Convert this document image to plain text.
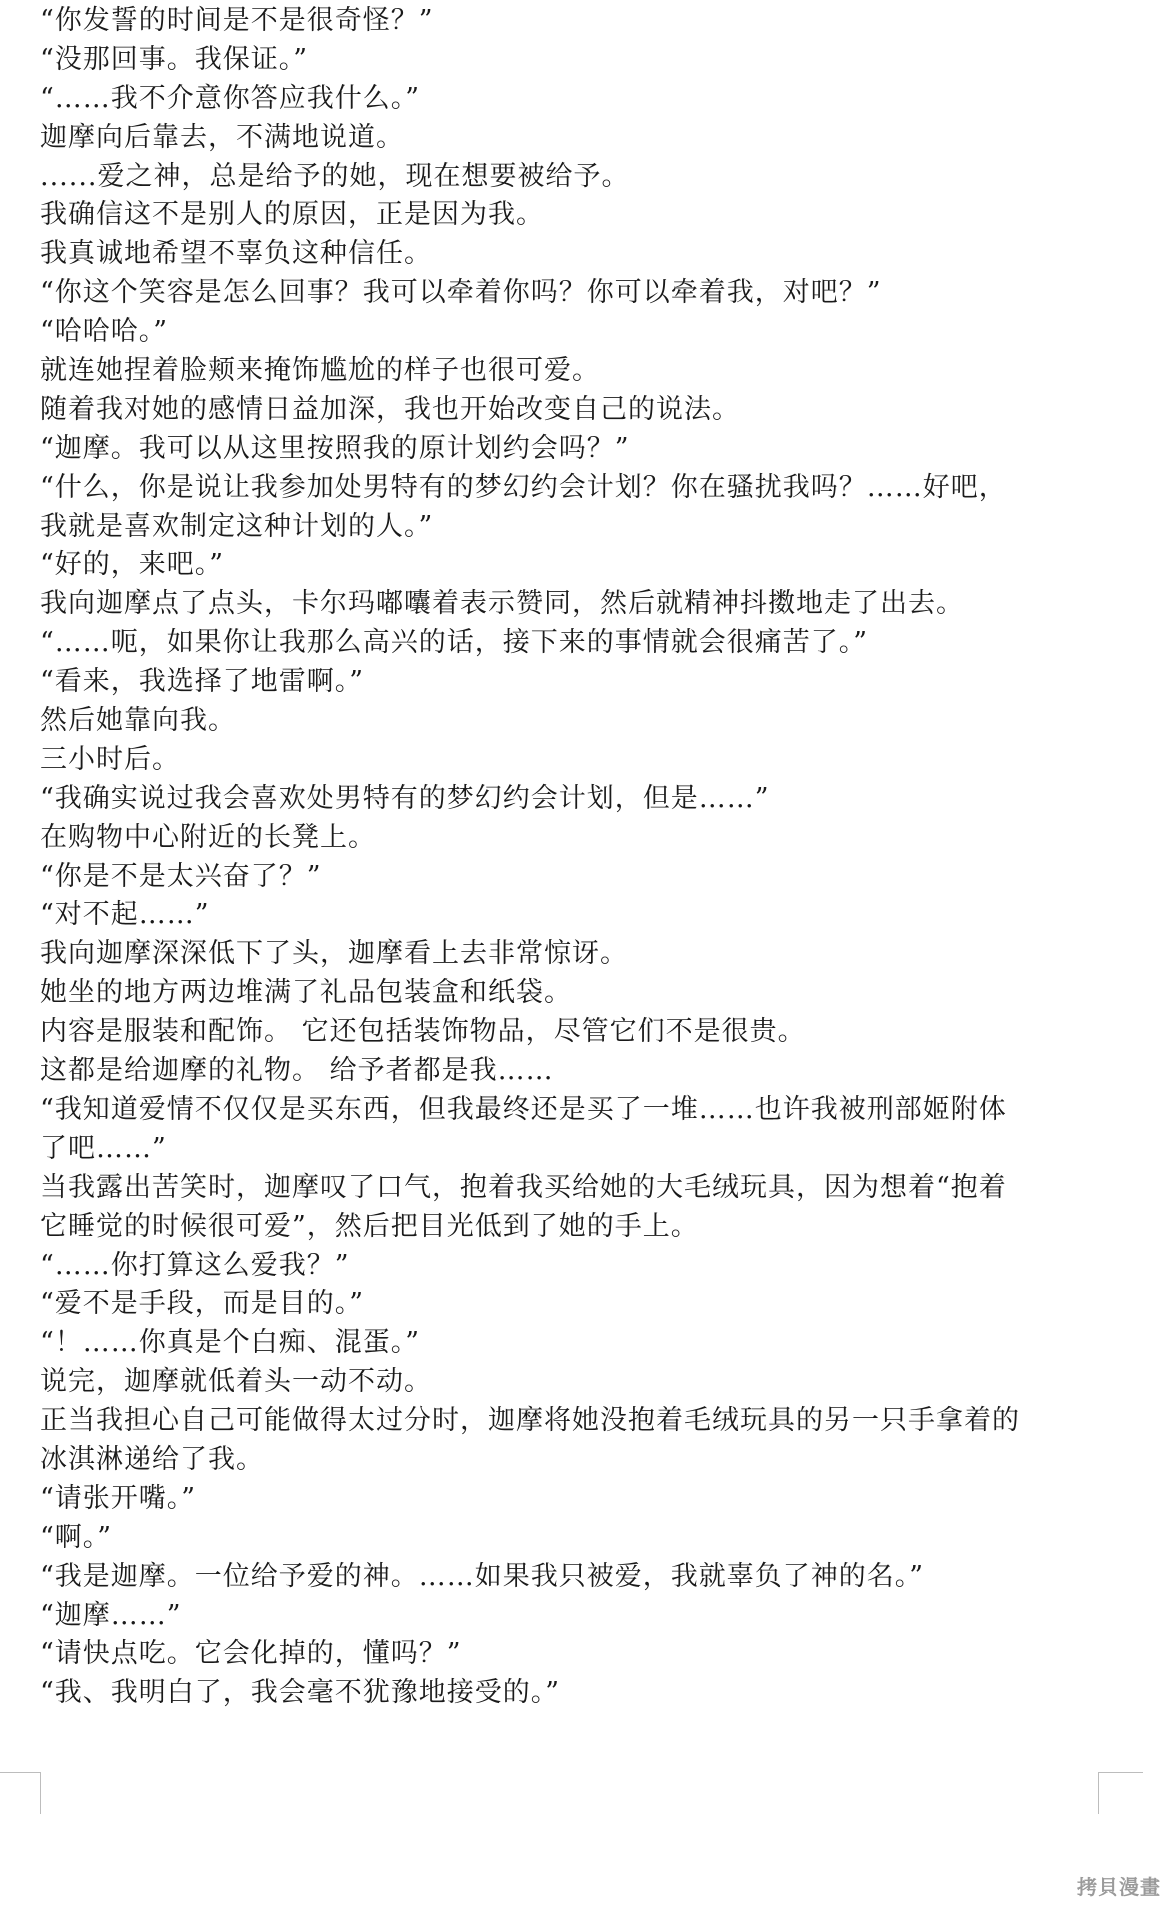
“你发誓的时间是不是很奇怪？”
“没那回事。我保证。”
“……我不介意你答应我什么。”
迦摩向后靠去，不满地说道。
......爱之神，总是给予的她，现在想要被给予。
我确信这不是别人的原因，正是因为我。
我真诚地希望不辜负这种信任。
“你这个笑容是怎么回事？我可以牵着你吗？你可以牵着我，对吧？”
“哈哈哈。”
就连她捏着脸颊来掩饰尴尬的样子也很可爱。
随着我对她的感情日益加深，我也开始改变自己的说法。
“迦摩。我可以从这里按照我的原计划约会吗？”
“什么，你是说让我参加处男特有的梦幻约会计划？你在骚扰我吗？……好吧，
我就是喜欢制定这种计划的人。”
“好的，来吧。”
我向迦摩点了点头，卡尔玛嘟囔着表示赞同，然后就精神抖擞地走了出去。
“……呃，如果你让我那么高兴的话，接下来的事情就会很痛苦了。”
“看来，我选择了地雷啊。”
然后她靠向我。
三小时后。
“我确实说过我会喜欢处男特有的梦幻约会计划，但是……”
在购物中心附近的长凳上。
“你是不是太兴奋了？”
“对不起……”
我向迦摩深深低下了头，迦摩看上去非常惊讶。
她坐的地方两边堆满了礼品包装盒和纸袋。
内容是服装和配饰。 它还包括装饰物品，尽管它们不是很贵。
这都是给迦摩的礼物。 给予者都是我……
“我知道爱情不仅仅是买东西，但我最终还是买了一堆……也许我被刑部姬附体
了吧……”
当我露出苦笑时，迦摩叹了口气，抱着我买给她的大毛绒玩具，因为想着“抱着
它睡觉的时候很可爱”，然后把目光低到了她的手上。
“……你打算这么爱我？”
“爱不是手段，而是目的。”
“！……你真是个白痴、混蛋。”
说完，迦摩就低着头一动不动。
正当我担心自己可能做得太过分时，迦摩将她没抱着毛绒玩具的另一只手拿着的
冰淇淋递给了我。
“请张开嘴。”
“啊。”
“我是迦摩。一位给予爱的神。……如果我只被爱，我就辜负了神的名。”
“迦摩……”
“请快点吃。它会化掉的，懂吗？”
“我、我明白了，我会毫不犹豫地接受的。”
拷貝漫畫
